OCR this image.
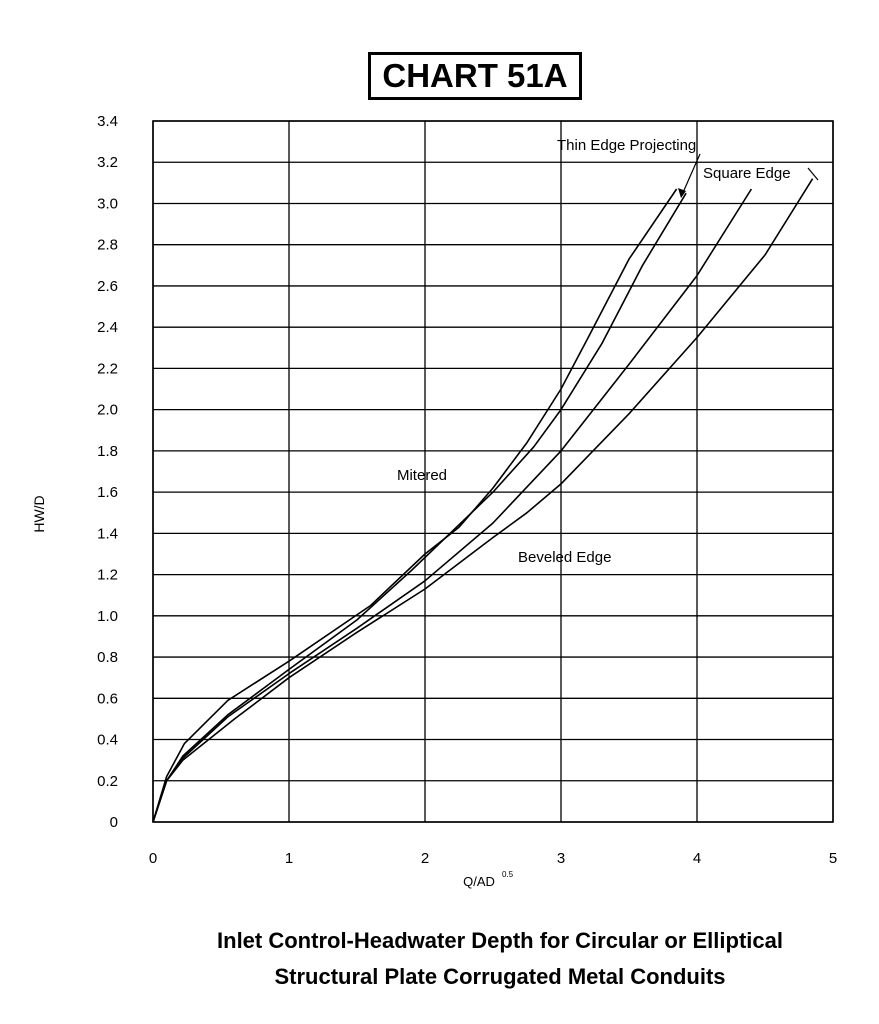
CHART 51A
0
0.2
0.4
0.6
0.8
1.0
1.2
1.4
1.6
1.8
2.0
2.2
2.4
2.6
2.8
3.0
3.2
3.4
0	1	2	3	4	5
Q/AD 0.5
HW/D
Thin Edge Projecting
Square Edge
Mitered
Beveled Edge
Inlet Control-Headwater Depth for Circular or Elliptical
Structural Plate Corrugated Metal Conduits
